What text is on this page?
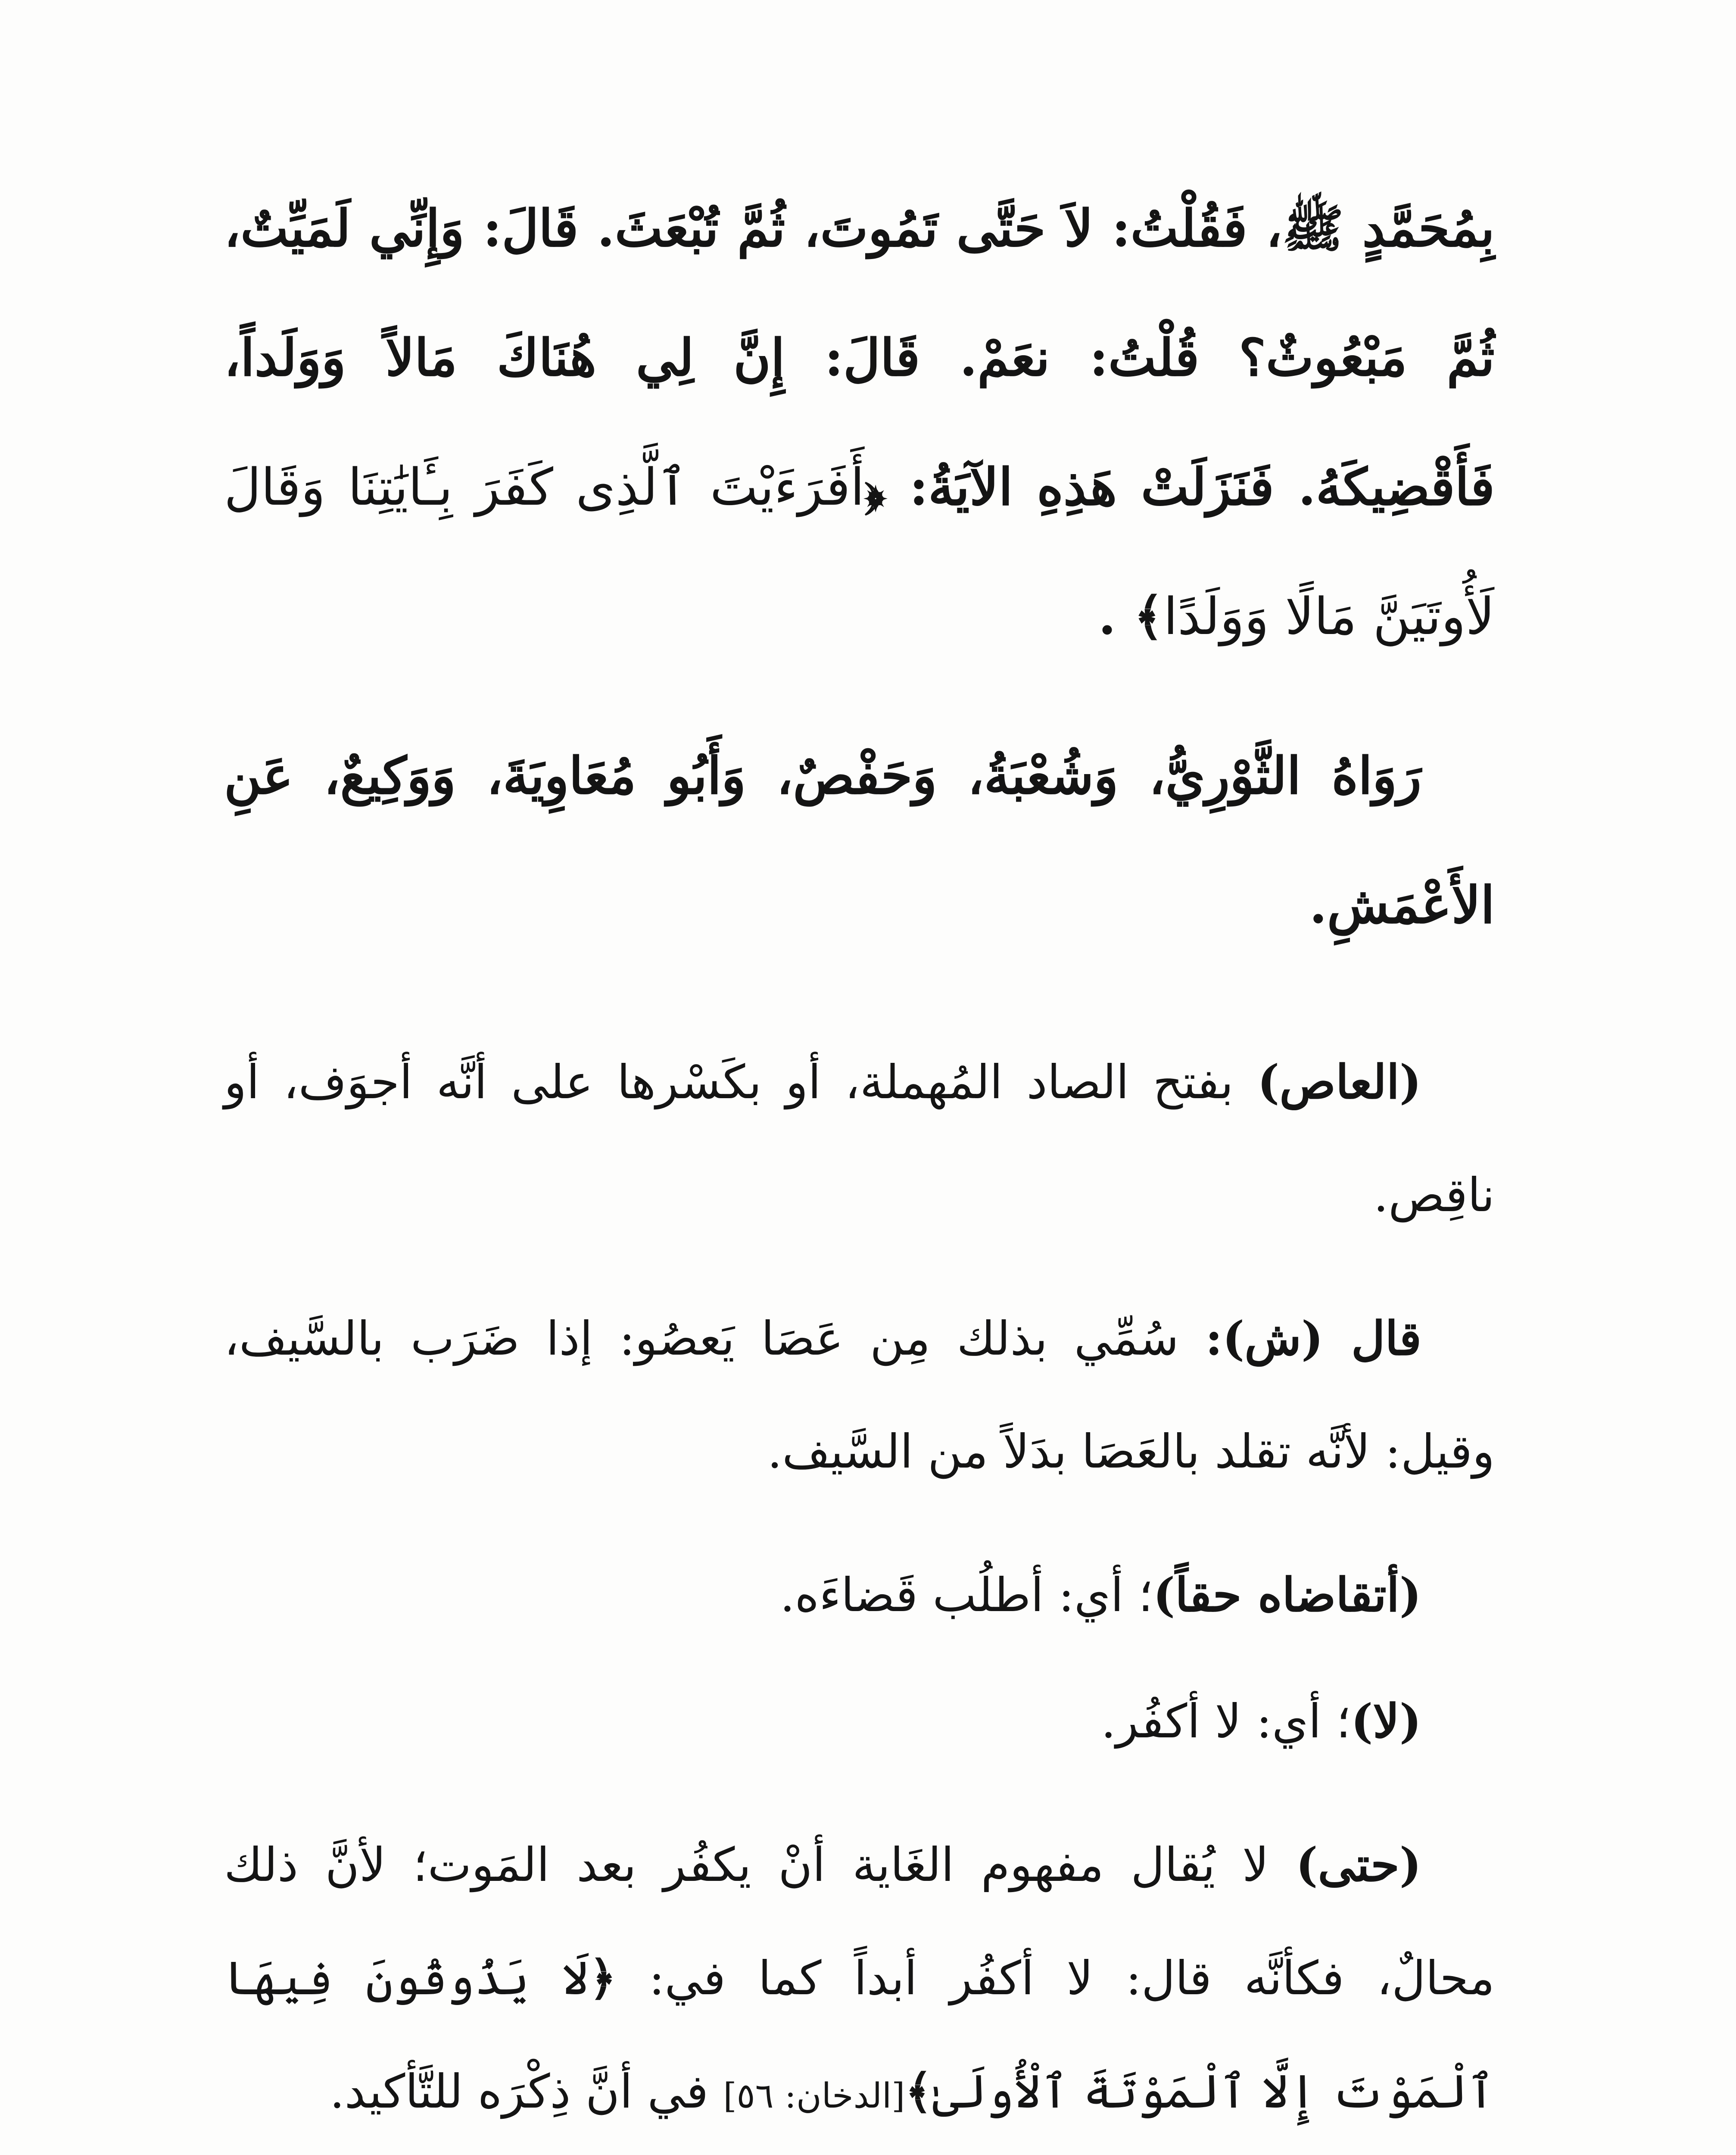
بِمُحَمَّدٍ ﷺ، فَقُلْتُ: لاَ حَتَّى تَمُوتَ، ثُمَّ تُبْعَثَ. قَالَ: وَإِنِّي لَمَيِّتٌ، ثُمَّ مَبْعُوثٌ؟ قُلْتُ: نعَمْ. قَالَ: إِنَّ لِي هُنَاكَ مَالاً وَوَلَداً، فَأَقْضِيكَهُ. فَنَزَلَتْ هَذِهِ الآيَةُ: ﴿أَفَرَءَيْتَ ٱلَّذِى كَفَرَ بِـَٔايَٰتِنَا وَقَالَ لَأُوتَيَنَّ مَالًا وَوَلَدًا﴾ .
رَوَاهُ الثَّوْرِيُّ، وَشُعْبَةُ، وَحَفْصٌ، وَأَبُو مُعَاوِيَةَ، وَوَكِيعٌ، عَنِ الأَعْمَشِ.

(العاص) بفتح الصاد المُهملة، أو بكَسْرها على أنَّه أجوَف، أو ناقِص.

قال (ش): سُمِّي بذلك مِن عَصَا يَعصُو: إذا ضَرَب بالسَّيف، وقيل: لأنَّه تقلد بالعَصَا بدَلاً من السَّيف.

(أتقاضاه حقاً)؛ أي: أطلُب قَضاءَه.

(لا)؛ أي: لا أكفُر.

(حتى) لا يُقال مفهوم الغَاية أنْ يكفُر بعد المَوت؛ لأنَّ ذلك محالٌ، فكأنَّه قال: لا أكفُر أبداً كما في: ﴿لَا يَذُوقُونَ فِيهَا ٱلْمَوْتَ إِلَّا ٱلْمَوْتَةَ ٱلْأُولَىٰ﴾[الدخان: ٥٦] في أنَّ ذِكْرَه للتَّأكيد.
